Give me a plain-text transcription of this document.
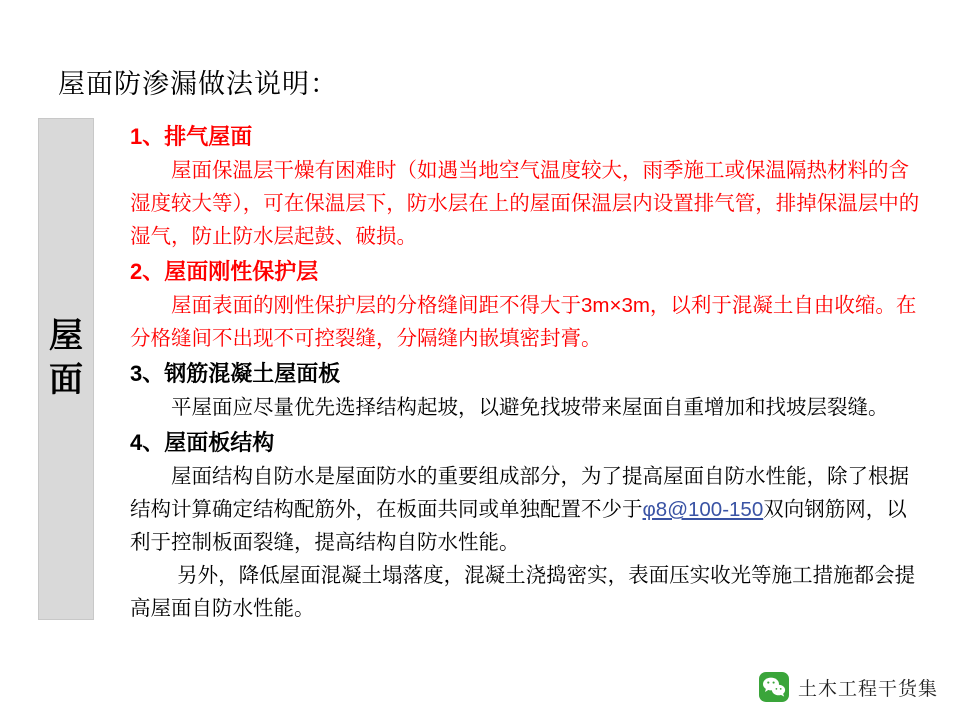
屋面防渗漏做法说明：
屋面
1、排气屋面

屋面保温层干燥有困难时（如遇当地空气温度较大，雨季施工或保温隔热材料的含湿度较大等），可在保温层下，防水层在上的屋面保温层内设置排气管，排掉保温层中的湿气，防止防水层起鼓、破损。

2、屋面刚性保护层

屋面表面的刚性保护层的分格缝间距不得大于3m×3m，以利于混凝土自由收缩。在分格缝间不出现不可控裂缝，分隔缝内嵌填密封膏。

3、钢筋混凝土屋面板

平屋面应尽量优先选择结构起坡，以避免找坡带来屋面自重增加和找坡层裂缝。

4、屋面板结构

屋面结构自防水是屋面防水的重要组成部分，为了提高屋面自防水性能，除了根据结构计算确定结构配筋外，在板面共同或单独配置不少于φ8@100-150双向钢筋网，以利于控制板面裂缝，提高结构自防水性能。

另外，降低屋面混凝土塌落度，混凝土浇捣密实，表面压实收光等施工措施都会提高屋面自防水性能。

土木工程干货集
